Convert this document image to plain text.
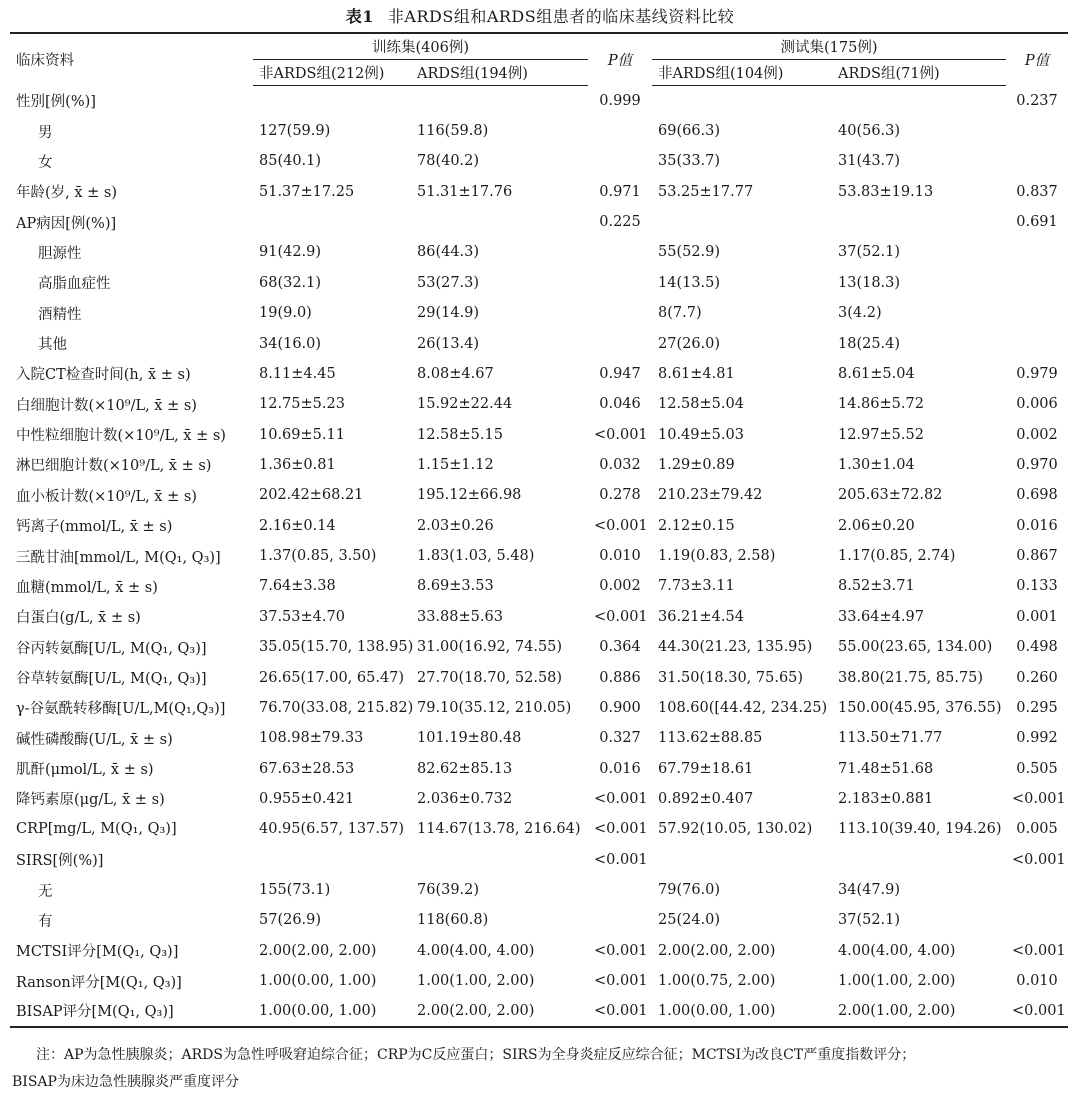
表1 非ARDS组和ARDS组患者的临床基线资料比较
临床资料	训练集(406例)		P值	测试集(175例)		P值
	非ARDS组(212例)	ARDS组(194例)		非ARDS组(104例)	ARDS组(71例)	
性别[例(%)]			0.999			0.237
男	127(59.9)	116(59.8)		69(66.3)	40(56.3)	
女	85(40.1)	78(40.2)		35(33.7)	31(43.7)	
年龄(岁, x̄ ± s)	51.37±17.25	51.31±17.76	0.971	53.25±17.77	53.83±19.13	0.837
AP病因[例(%)]			0.225			0.691
胆源性	91(42.9)	86(44.3)		55(52.9)	37(52.1)	
高脂血症性	68(32.1)	53(27.3)		14(13.5)	13(18.3)	
酒精性	19(9.0)	29(14.9)		8(7.7)	3(4.2)	
其他	34(16.0)	26(13.4)		27(26.0)	18(25.4)	
入院CT检查时间(h, x̄ ± s)	8.11±4.45	8.08±4.67	0.947	8.61±4.81	8.61±5.04	0.979
白细胞计数(×10⁹/L, x̄ ± s)	12.75±5.23	15.92±22.44	0.046	12.58±5.04	14.86±5.72	0.006
中性粒细胞计数(×10⁹/L, x̄ ± s)	10.69±5.11	12.58±5.15	<0.001	10.49±5.03	12.97±5.52	0.002
淋巴细胞计数(×10⁹/L, x̄ ± s)	1.36±0.81	1.15±1.12	0.032	1.29±0.89	1.30±1.04	0.970
血小板计数(×10⁹/L, x̄ ± s)	202.42±68.21	195.12±66.98	0.278	210.23±79.42	205.63±72.82	0.698
钙离子(mmol/L, x̄ ± s)	2.16±0.14	2.03±0.26	<0.001	2.12±0.15	2.06±0.20	0.016
三酰甘油[mmol/L, M(Q₁, Q₃)]	1.37(0.85, 3.50)	1.83(1.03, 5.48)	0.010	1.19(0.83, 2.58)	1.17(0.85, 2.74)	0.867
血糖(mmol/L, x̄ ± s)	7.64±3.38	8.69±3.53	0.002	7.73±3.11	8.52±3.71	0.133
白蛋白(g/L, x̄ ± s)	37.53±4.70	33.88±5.63	<0.001	36.21±4.54	33.64±4.97	0.001
谷丙转氨酶[U/L, M(Q₁, Q₃)]	35.05(15.70, 138.95)	31.00(16.92, 74.55)	0.364	44.30(21.23, 135.95)	55.00(23.65, 134.00)	0.498
谷草转氨酶[U/L, M(Q₁, Q₃)]	26.65(17.00, 65.47)	27.70(18.70, 52.58)	0.886	31.50(18.30, 75.65)	38.80(21.75, 85.75)	0.260
γ-谷氨酰转移酶[U/L,M(Q₁,Q₃)]	76.70(33.08, 215.82)	79.10(35.12, 210.05)	0.900	108.60([44.42, 234.25)	150.00(45.95, 376.55)	0.295
碱性磷酸酶(U/L, x̄ ± s)	108.98±79.33	101.19±80.48	0.327	113.62±88.85	113.50±71.77	0.992
肌酐(μmol/L, x̄ ± s)	67.63±28.53	82.62±85.13	0.016	67.79±18.61	71.48±51.68	0.505
降钙素原(μg/L, x̄ ± s)	0.955±0.421	2.036±0.732	<0.001	0.892±0.407	2.183±0.881	<0.001
CRP[mg/L, M(Q₁, Q₃)]	40.95(6.57, 137.57)	114.67(13.78, 216.64)	<0.001	57.92(10.05, 130.02)	113.10(39.40, 194.26)	0.005
SIRS[例(%)]			<0.001			<0.001
无	155(73.1)	76(39.2)		79(76.0)	34(47.9)	
有	57(26.9)	118(60.8)		25(24.0)	37(52.1)	
MCTSI评分[M(Q₁, Q₃)]	2.00(2.00, 2.00)	4.00(4.00, 4.00)	<0.001	2.00(2.00, 2.00)	4.00(4.00, 4.00)	<0.001
Ranson评分[M(Q₁, Q₃)]	1.00(0.00, 1.00)	1.00(1.00, 2.00)	<0.001	1.00(0.75, 2.00)	1.00(1.00, 2.00)	0.010
BISAP评分[M(Q₁, Q₃)]	1.00(0.00, 1.00)	2.00(2.00, 2.00)	<0.001	1.00(0.00, 1.00)	2.00(1.00, 2.00)	<0.001

注：AP为急性胰腺炎；ARDS为急性呼吸窘迫综合征；CRP为C反应蛋白；SIRS为全身炎症反应综合征；MCTSI为改良CT严重度指数评分；

BISAP为床边急性胰腺炎严重度评分
